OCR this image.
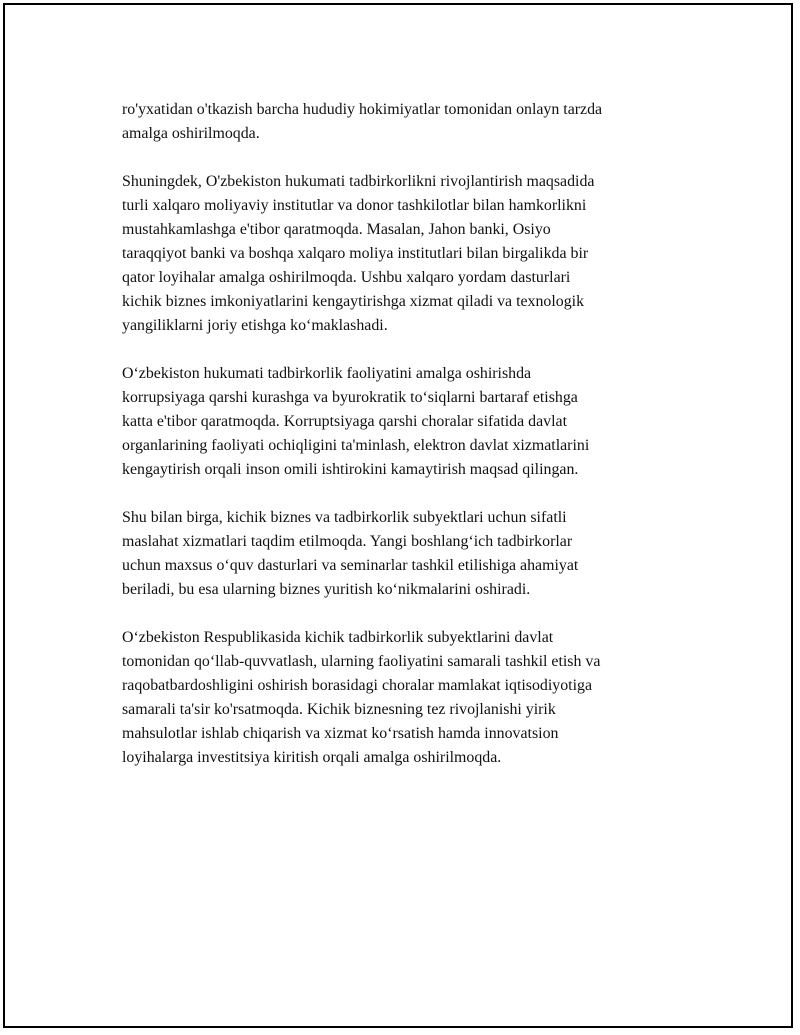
ro'yxatidan o'tkazish barcha hududiy hokimiyatlar tomonidan onlayn tarzda
amalga oshirilmoqda.

Shuningdek, O'zbekiston hukumati tadbirkorlikni rivojlantirish maqsadida
turli xalqaro moliyaviy institutlar va donor tashkilotlar bilan hamkorlikni
mustahkamlashga e'tibor qaratmoqda. Masalan, Jahon banki, Osiyo
taraqqiyot banki va boshqa xalqaro moliya institutlari bilan birgalikda bir
qator loyihalar amalga oshirilmoqda. Ushbu xalqaro yordam dasturlari
kichik biznes imkoniyatlarini kengaytirishga xizmat qiladi va texnologik
yangiliklarni joriy etishga ko‘maklashadi.

O‘zbekiston hukumati tadbirkorlik faoliyatini amalga oshirishda
korrupsiyaga qarshi kurashga va byurokratik to‘siqlarni bartaraf etishga
katta e'tibor qaratmoqda. Korruptsiyaga qarshi choralar sifatida davlat
organlarining faoliyati ochiqligini ta'minlash, elektron davlat xizmatlarini
kengaytirish orqali inson omili ishtirokini kamaytirish maqsad qilingan.

Shu bilan birga, kichik biznes va tadbirkorlik subyektlari uchun sifatli
maslahat xizmatlari taqdim etilmoqda. Yangi boshlang‘ich tadbirkorlar
uchun maxsus o‘quv dasturlari va seminarlar tashkil etilishiga ahamiyat
beriladi, bu esa ularning biznes yuritish ko‘nikmalarini oshiradi.

O‘zbekiston Respublikasida kichik tadbirkorlik subyektlarini davlat
tomonidan qo‘llab-quvvatlash, ularning faoliyatini samarali tashkil etish va
raqobatbardoshligini oshirish borasidagi choralar mamlakat iqtisodiyotiga
samarali ta'sir ko'rsatmoqda. Kichik biznesning tez rivojlanishi yirik
mahsulotlar ishlab chiqarish va xizmat ko‘rsatish hamda innovatsion
loyihalarga investitsiya kiritish orqali amalga oshirilmoqda.
